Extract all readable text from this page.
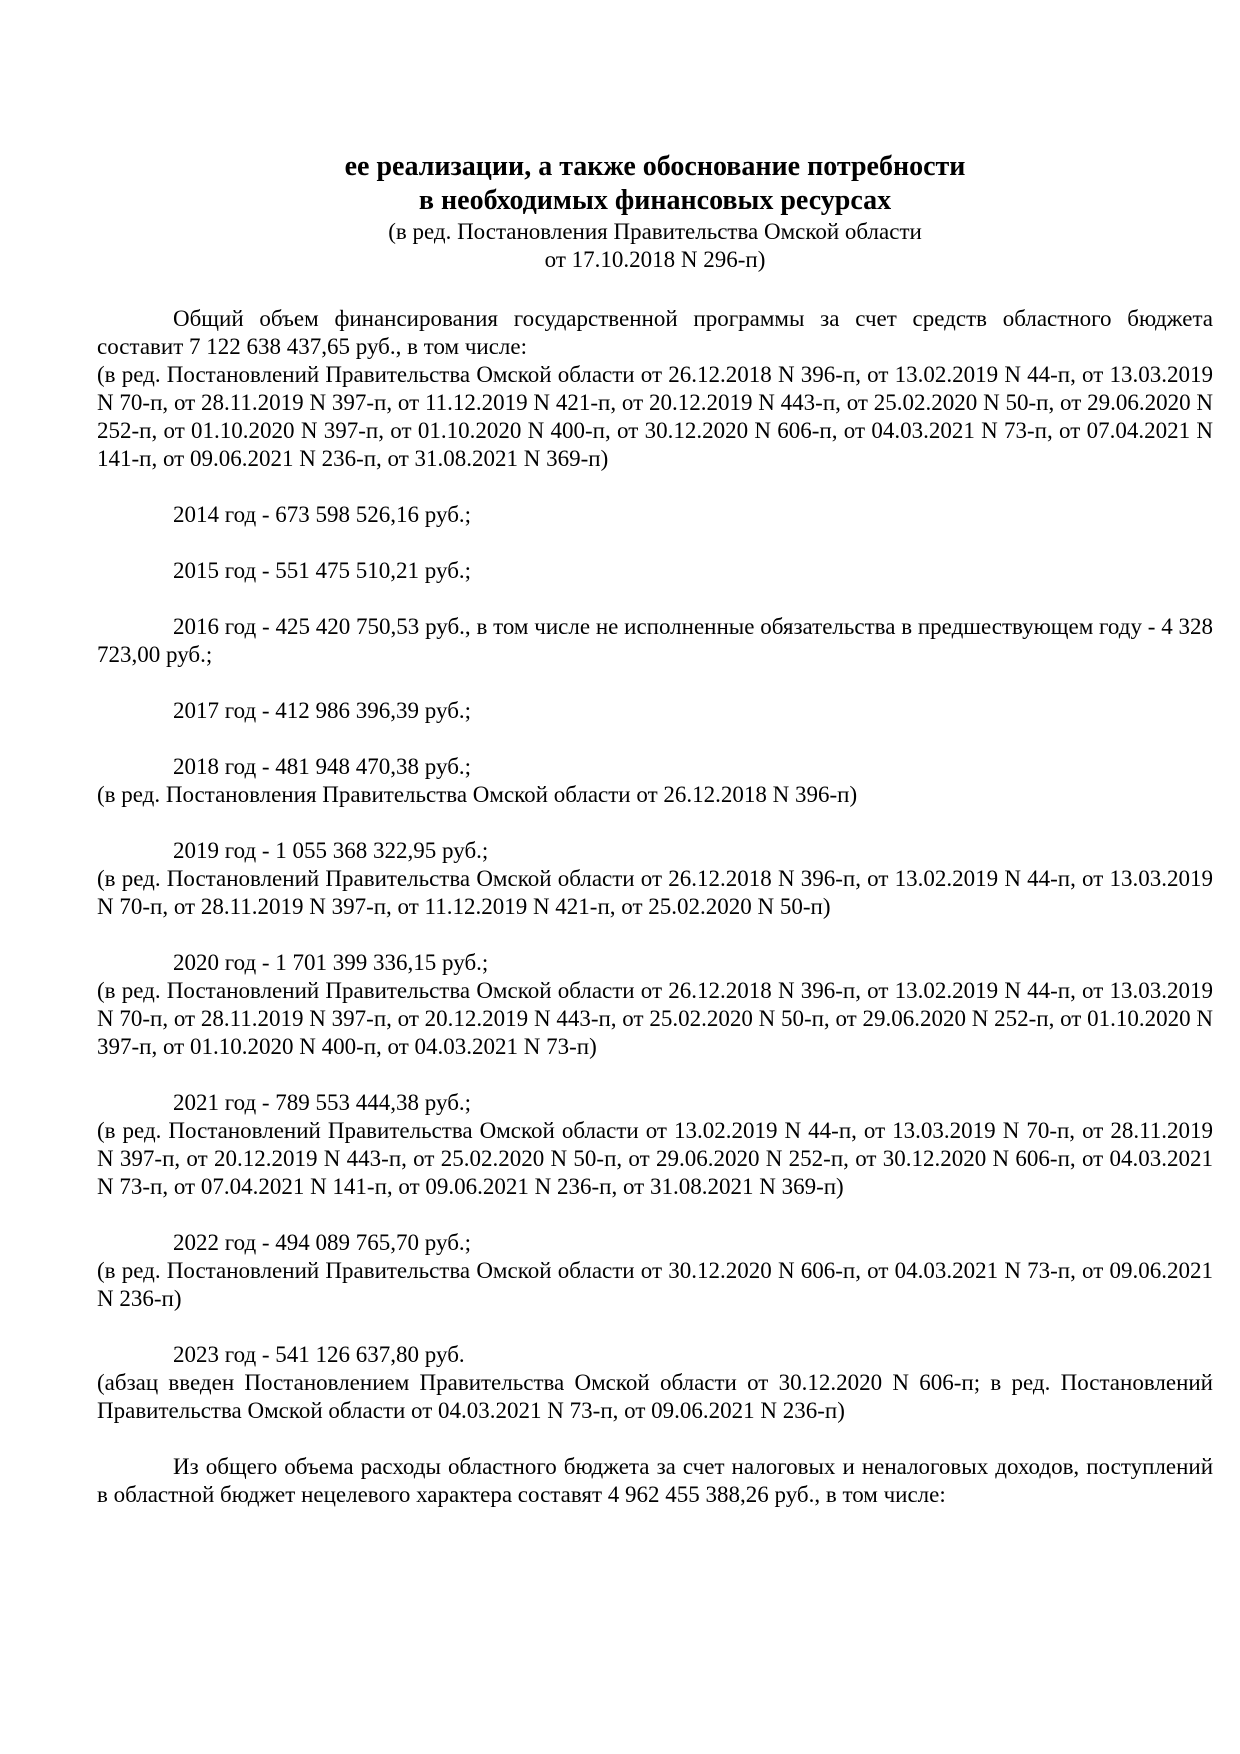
ее реализации, а также обоснование потребности
в необходимых финансовых ресурсах
(в ред. Постановления Правительства Омской области
от 17.10.2018 N 296-п)

Общий объем финансирования государственной программы за счет средств областного бюджета составит 7 122 638 437,65 руб., в том числе:

(в ред. Постановлений Правительства Омской области от 26.12.2018 N 396-п, от 13.02.2019 N 44-п, от 13.03.2019 N 70-п, от 28.11.2019 N 397-п, от 11.12.2019 N 421-п, от 20.12.2019 N 443-п, от 25.02.2020 N 50-п, от 29.06.2020 N 252-п, от 01.10.2020 N 397-п, от 01.10.2020 N 400-п, от 30.12.2020 N 606-п, от 04.03.2021 N 73-п, от 07.04.2021 N 141-п, от 09.06.2021 N 236-п, от 31.08.2021 N 369-п)

2014 год - 673 598 526,16 руб.;

2015 год - 551 475 510,21 руб.;

2016 год - 425 420 750,53 руб., в том числе не исполненные обязательства в предшествующем году - 4 328 723,00 руб.;

2017 год - 412 986 396,39 руб.;

2018 год - 481 948 470,38 руб.;

(в ред. Постановления Правительства Омской области от 26.12.2018 N 396-п)

2019 год - 1 055 368 322,95 руб.;

(в ред. Постановлений Правительства Омской области от 26.12.2018 N 396-п, от 13.02.2019 N 44-п, от 13.03.2019 N 70-п, от 28.11.2019 N 397-п, от 11.12.2019 N 421-п, от 25.02.2020 N 50-п)

2020 год - 1 701 399 336,15 руб.;

(в ред. Постановлений Правительства Омской области от 26.12.2018 N 396-п, от 13.02.2019 N 44-п, от 13.03.2019 N 70-п, от 28.11.2019 N 397-п, от 20.12.2019 N 443-п, от 25.02.2020 N 50-п, от 29.06.2020 N 252-п, от 01.10.2020 N 397-п, от 01.10.2020 N 400-п, от 04.03.2021 N 73-п)

2021 год - 789 553 444,38 руб.;

(в ред. Постановлений Правительства Омской области от 13.02.2019 N 44-п, от 13.03.2019 N 70-п, от 28.11.2019 N 397-п, от 20.12.2019 N 443-п, от 25.02.2020 N 50-п, от 29.06.2020 N 252-п, от 30.12.2020 N 606-п, от 04.03.2021 N 73-п, от 07.04.2021 N 141-п, от 09.06.2021 N 236-п, от 31.08.2021 N 369-п)

2022 год - 494 089 765,70 руб.;

(в ред. Постановлений Правительства Омской области от 30.12.2020 N 606-п, от 04.03.2021 N 73-п, от 09.06.2021 N 236-п)

2023 год - 541 126 637,80 руб.

(абзац введен Постановлением Правительства Омской области от 30.12.2020 N 606-п; в ред. Постановлений Правительства Омской области от 04.03.2021 N 73-п, от 09.06.2021 N 236-п)

Из общего объема расходы областного бюджета за счет налоговых и неналоговых доходов, поступлений в областной бюджет нецелевого характера составят 4 962 455 388,26 руб., в том числе:
